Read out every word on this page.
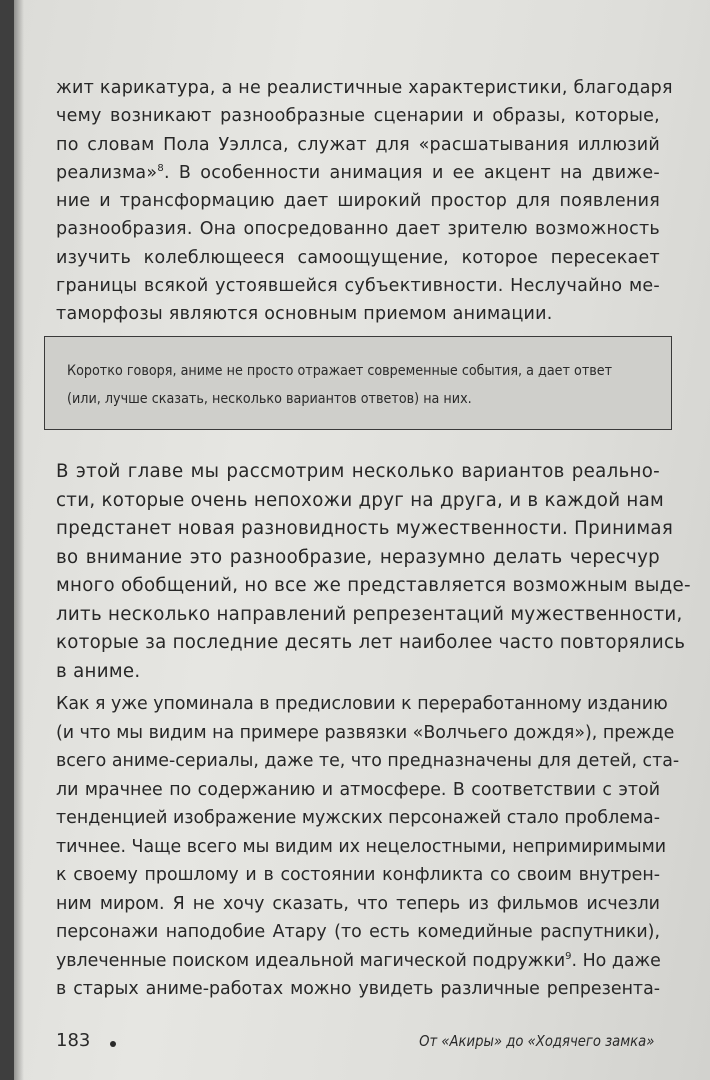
жит карикатура, а не реалистичные характеристики, благодаря
чему возникают разнообразные сценарии и образы, которые,
по словам Пола Уэллса, служат для «расшатывания иллюзий
реализма»$^8$. В особенности анимация и ее акцент на движе-
ние и трансформацию дает широкий простор для появления
разнообразия. Она опосредованно дает зрителю возможность
изучить колеблющееся самоощущение, которое пересекает
границы всякой устоявшейся субъективности. Неслучайно ме-
таморфозы являются основным приемом анимации.
Коротко говоря, аниме не просто отражает современные события, а дает ответ
(или, лучше сказать, несколько вариантов ответов) на них.
В этой главе мы рассмотрим несколько вариантов реально-
сти, которые очень непохожи друг на друга, и в каждой нам
предстанет новая разновидность мужественности. Принимая
во внимание это разнообразие, неразумно делать чересчур
много обобщений, но все же представляется возможным выде-
лить несколько направлений репрезентаций мужественности,
которые за последние десять лет наиболее часто повторялись
в аниме.
Как я уже упоминала в предисловии к переработанному изданию
(и что мы видим на примере развязки «Волчьего дождя»), прежде
всего аниме-сериалы, даже те, что предназначены для детей, ста-
ли мрачнее по содержанию и атмосфере. В соответствии с этой
тенденцией изображение мужских персонажей стало проблема-
тичнее. Чаще всего мы видим их нецелостными, непримиримыми
к своему прошлому и в состоянии конфликта со своим внутрен-
ним миром. Я не хочу сказать, что теперь из фильмов исчезли
персонажи наподобие Атару (то есть комедийные распутники),
увлеченные поиском идеальной магической подружки$^9$. Но даже
в старых аниме-работах можно увидеть различные репрезента-
183	От «Акиры» до «Ходячего замка»
